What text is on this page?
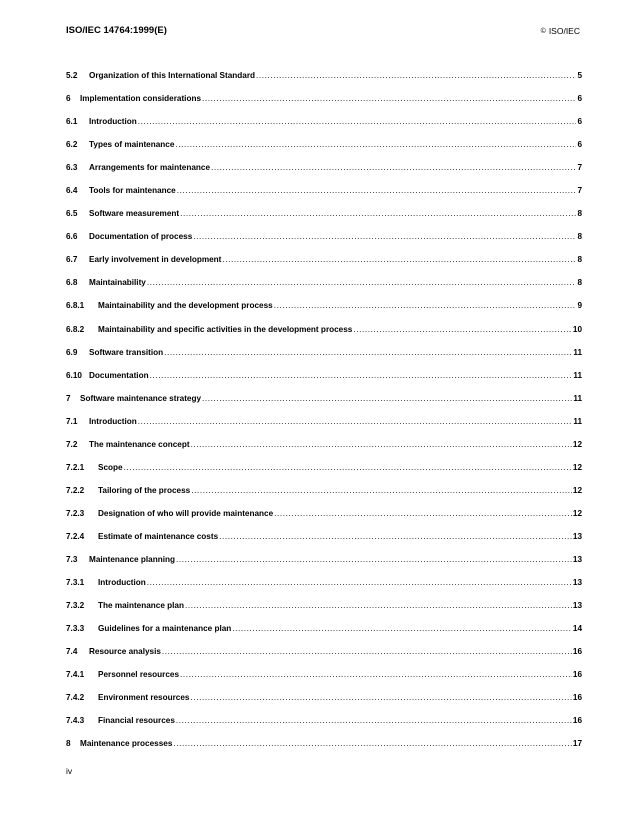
ISO/IEC 14764:1999(E)	© ISO/IEC
5.2	Organization of this International Standard .....	5
6	Implementation considerations .....	6
6.1	Introduction .....	6
6.2	Types of maintenance .....	6
6.3	Arrangements for maintenance .....	7
6.4	Tools for maintenance .....	7
6.5	Software measurement .....	8
6.6	Documentation of process .....	8
6.7	Early involvement in development .....	8
6.8	Maintainability .....	8
6.8.1	Maintainability and the development process .....	9
6.8.2	Maintainability and specific activities in the development process .....	10
6.9	Software transition .....	11
6.10 Documentation .....	11
7	Software maintenance strategy .....	11
7.1	Introduction .....	11
7.2	The maintenance concept .....	12
7.2.1	Scope .....	12
7.2.2	Tailoring of the process .....	12
7.2.3	Designation of who will provide maintenance .....	12
7.2.4	Estimate of maintenance costs .....	13
7.3	Maintenance planning .....	13
7.3.1	Introduction .....	13
7.3.2	The maintenance plan .....	13
7.3.3	Guidelines for a maintenance plan .....	14
7.4	Resource analysis .....	16
7.4.1	Personnel resources .....	16
7.4.2	Environment resources .....	16
7.4.3	Financial resources .....	16
8	Maintenance processes .....	17
iv
